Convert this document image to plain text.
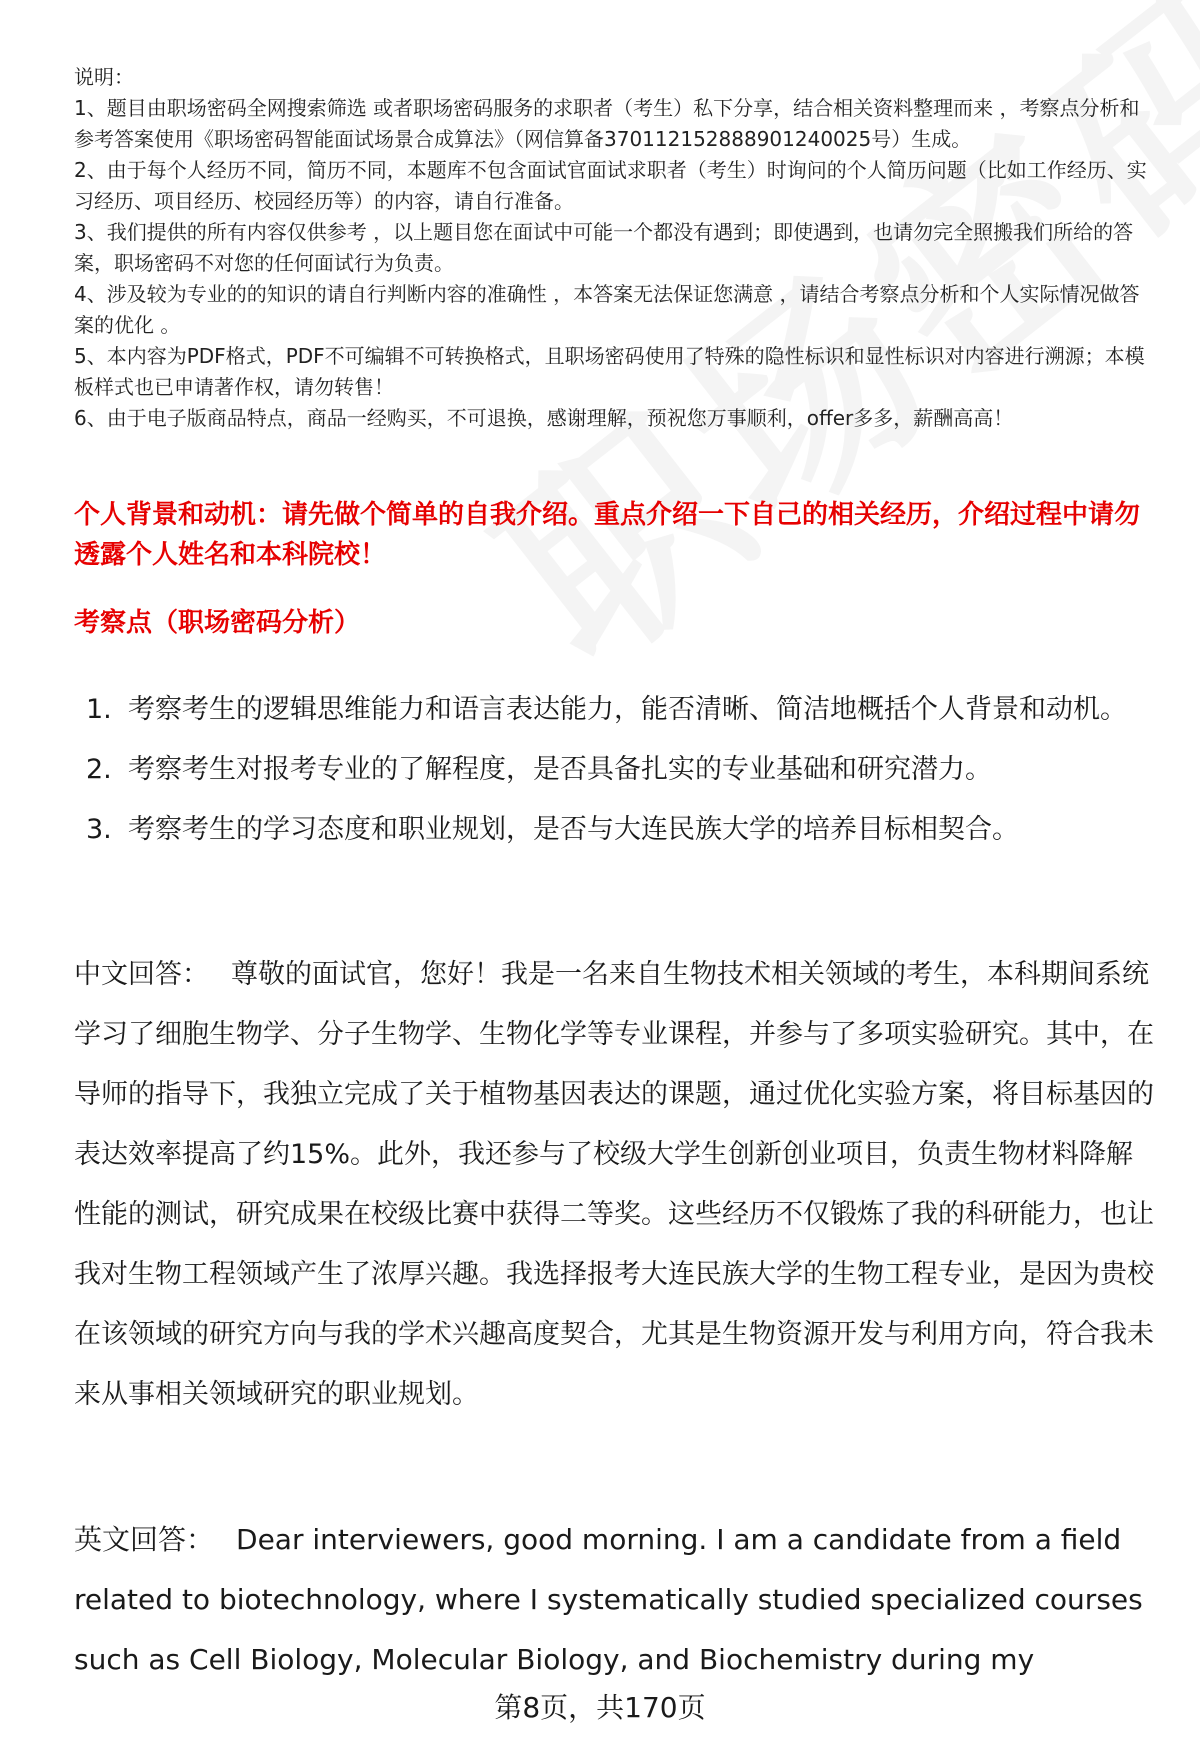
说明：

1、题目由职场密码全网搜索筛选 或者职场密码服务的求职者（考生）私下分享，结合相关资料整理而来 ，考察点分析和参考答案使用《职场密码智能面试场景合成算法》（网信算备370112152888901240025号）生成。

2、由于每个人经历不同，简历不同，本题库不包含面试官面试求职者（考生）时询问的个人简历问题（比如工作经历、实习经历、项目经历、校园经历等）的内容，请自行准备。

3、我们提供的所有内容仅供参考 ，以上题目您在面试中可能一个都没有遇到；即使遇到，也请勿完全照搬我们所给的答案，职场密码不对您的任何面试行为负责。

4、涉及较为专业的的知识的请自行判断内容的准确性 ，本答案无法保证您满意 ，请结合考察点分析和个人实际情况做答案的优化 。

5、本内容为PDF格式，PDF不可编辑不可转换格式，且职场密码使用了特殊的隐性标识和显性标识对内容进行溯源；本模板样式也已申请著作权，请勿转售！

6、由于电子版商品特点，商品一经购买，不可退换，感谢理解，预祝您万事顺利，offer多多，薪酬高高！

个人背景和动机：请先做个简单的自我介绍。重点介绍一下自己的相关经历，介绍过程中请勿透露个人姓名和本科院校！

考察点（职场密码分析）

1. 考察考生的逻辑思维能力和语言表达能力，能否清晰、简洁地概括个人背景和动机。
2. 考察考生对报考专业的了解程度，是否具备扎实的专业基础和研究潜力。
3. 考察考生的学习态度和职业规划，是否与大连民族大学的培养目标相契合。

中文回答： 尊敬的面试官，您好！我是一名来自生物技术相关领域的考生，本科期间系统学习了细胞生物学、分子生物学、生物化学等专业课程，并参与了多项实验研究。其中，在导师的指导下，我独立完成了关于植物基因表达的课题，通过优化实验方案，将目标基因的表达效率提高了约15%。此外，我还参与了校级大学生创新创业项目，负责生物材料降解性能的测试，研究成果在校级比赛中获得二等奖。这些经历不仅锻炼了我的科研能力，也让我对生物工程领域产生了浓厚兴趣。我选择报考大连民族大学的生物工程专业，是因为贵校在该领域的研究方向与我的学术兴趣高度契合，尤其是生物资源开发与利用方向，符合我未来从事相关领域研究的职业规划。

英文回答： Dear interviewers, good morning. I am a candidate from a field related to biotechnology, where I systematically studied specialized courses such as Cell Biology, Molecular Biology, and Biochemistry during my

第8页，共170页
